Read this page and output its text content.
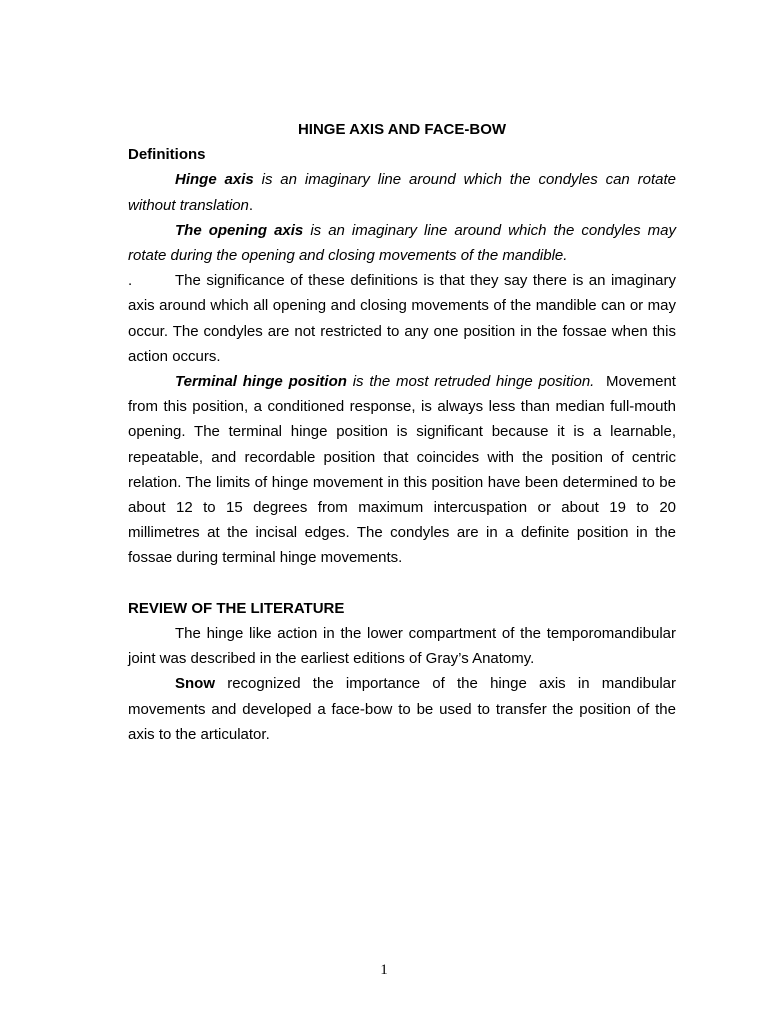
HINGE AXIS AND FACE-BOW

Definitions

Hinge axis is an imaginary line around which the condyles can rotate without translation.

The opening axis is an imaginary line around which the condyles may rotate during the opening and closing movements of the mandible.

.	The significance of these definitions is that they say there is an imaginary axis around which all opening and closing movements of the mandible can or may occur. The condyles are not restricted to any one position in the fossae when this action occurs.

Terminal hinge position is the most retruded hinge position.  Movement from this position, a conditioned response, is always less than median full-mouth opening. The terminal hinge position is significant because it is a learnable, repeatable, and recordable position that coincides with the position of centric relation. The limits of hinge movement in this position have been determined to be about 12 to 15 degrees from maximum intercuspation or about 19 to 20 millimetres at the incisal edges. The condyles are in a definite position in the fossae during terminal hinge movements.

REVIEW OF THE LITERATURE

The hinge like action in the lower compartment of the temporomandibular joint was described in the earliest editions of Gray’s Anatomy.

Snow recognized the importance of the hinge axis in mandibular movements and developed a face-bow to be used to transfer the position of the axis to the articulator.

1
